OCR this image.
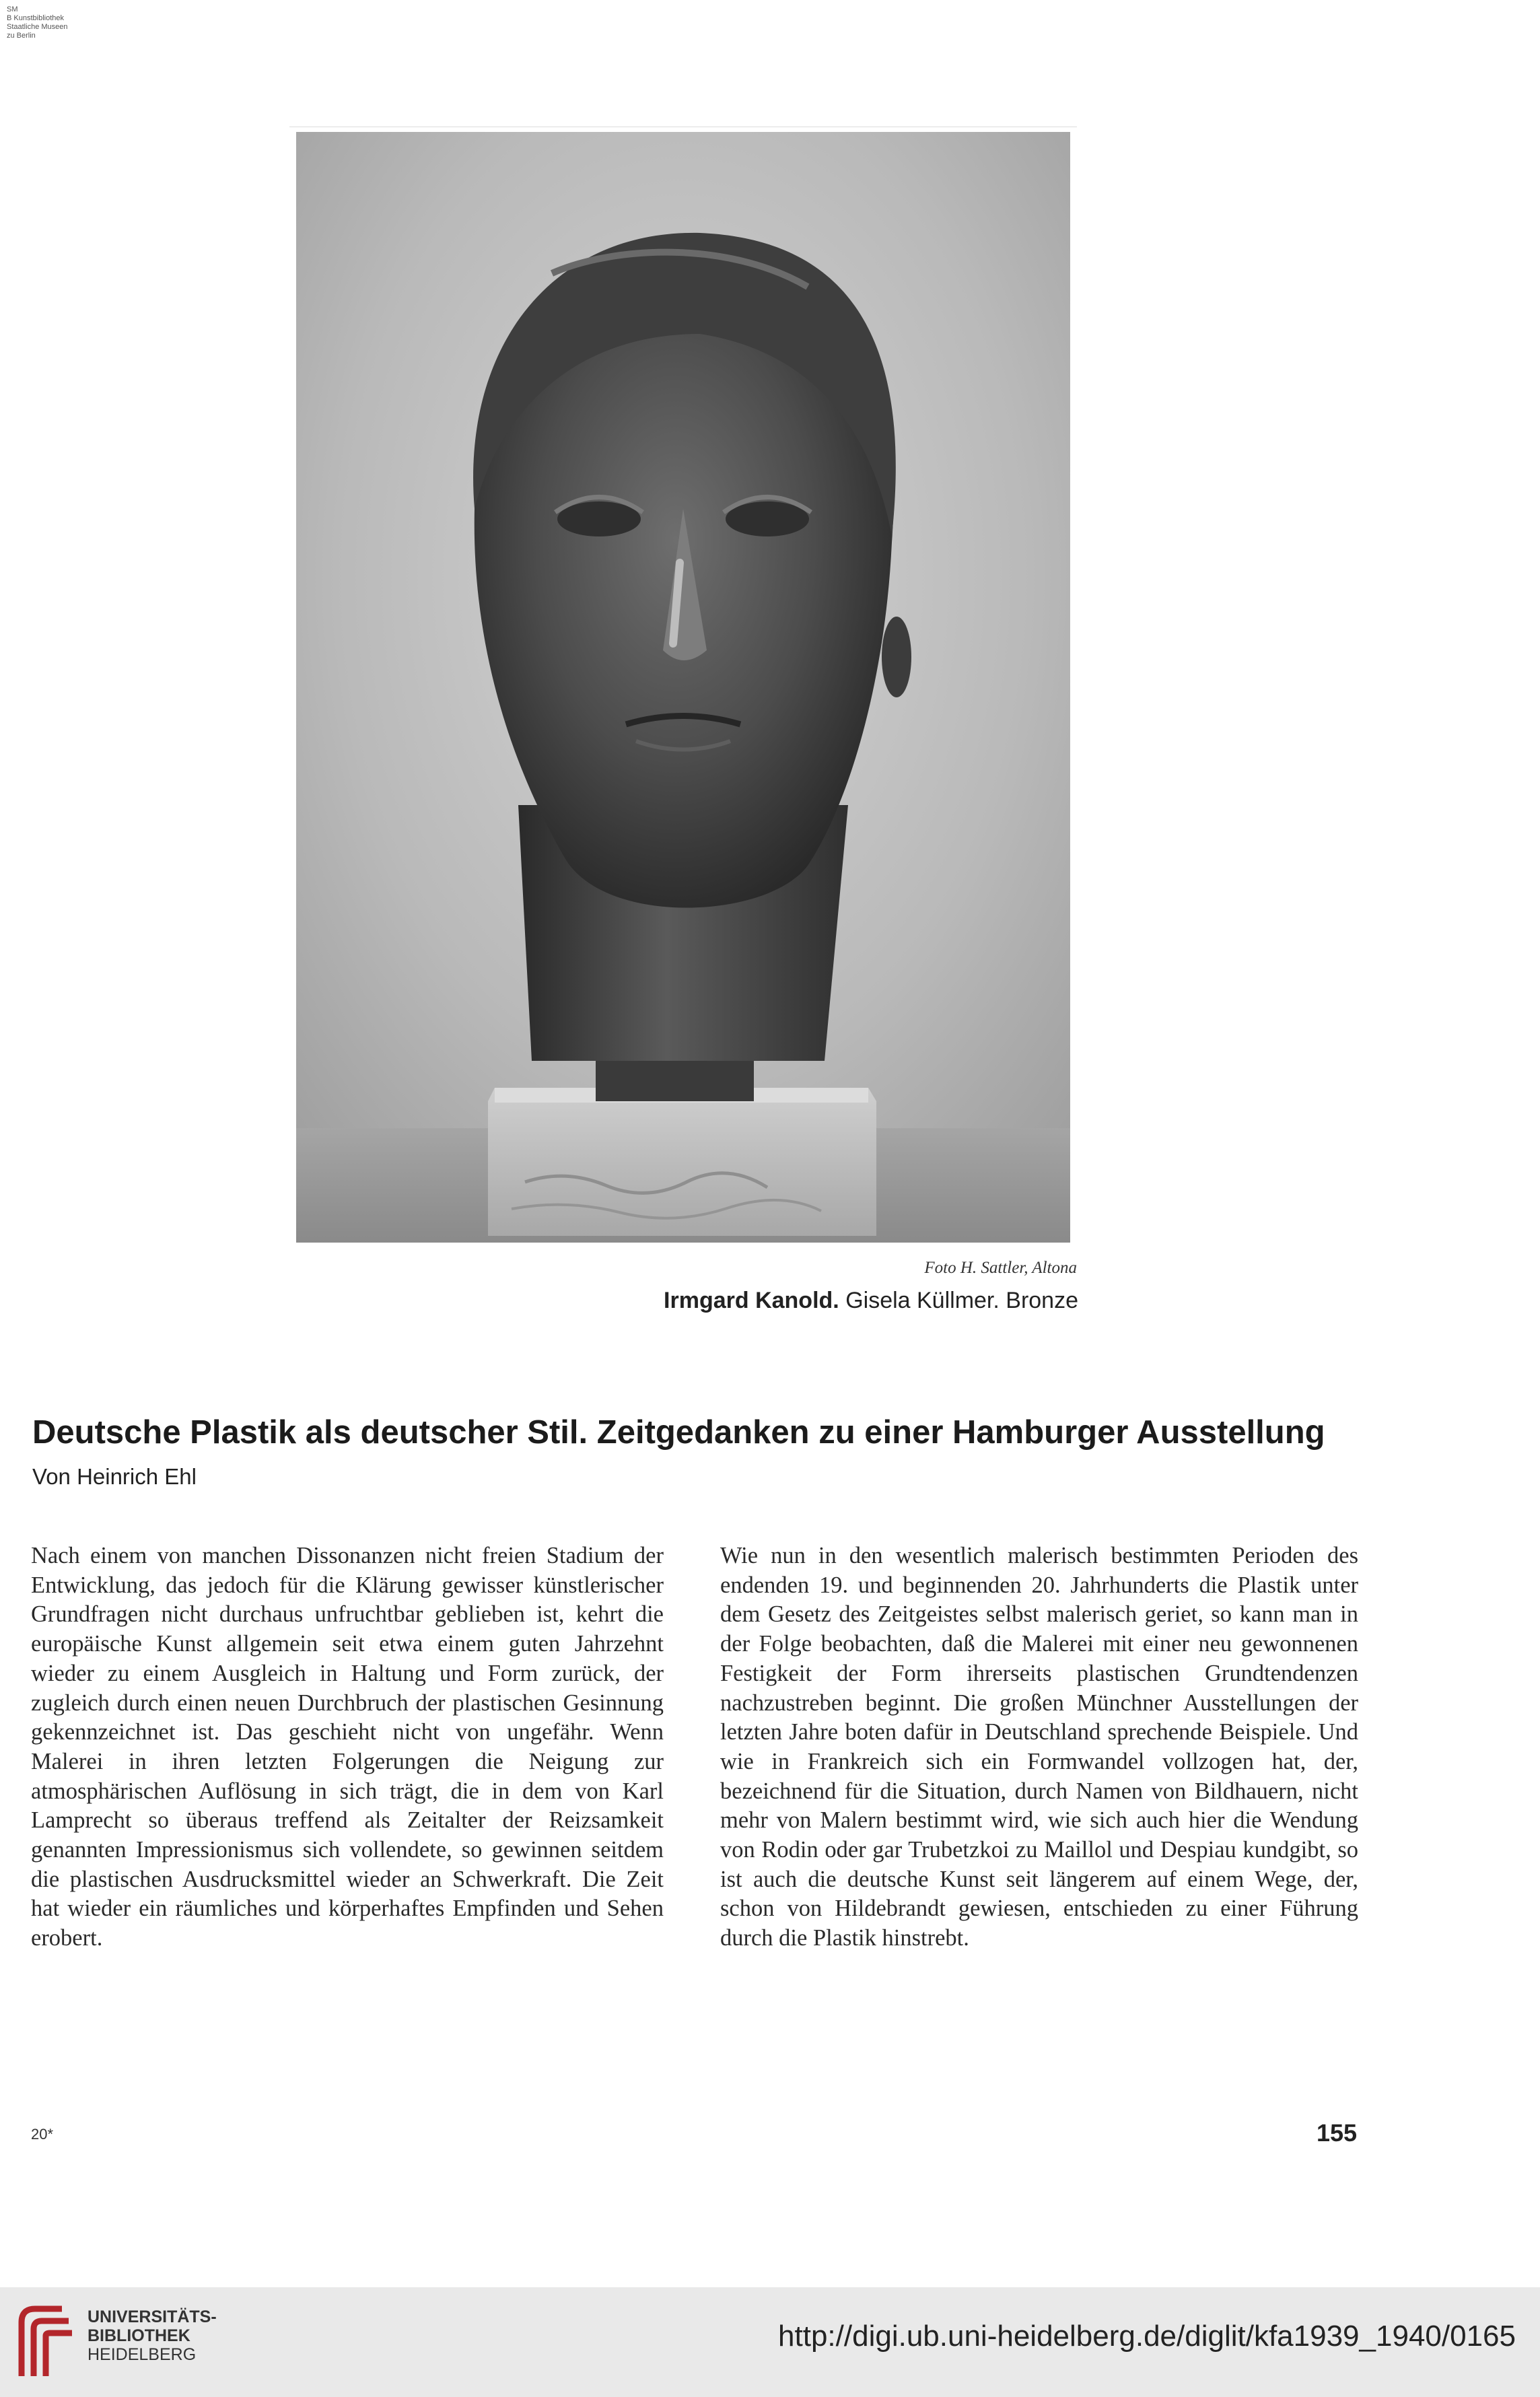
SM
B Kunstbibliothek
Staatliche Museen
zu Berlin
Foto H. Sattler, Altona
Irmgard Kanold. Gisela Küllmer. Bronze
Deutsche Plastik als deutscher Stil. Zeitgedanken zu einer Hamburger Ausstellung
Von Heinrich Ehl
Nach einem von manchen Dissonanzen nicht freien Stadium der Entwicklung, das jedoch für die Klärung gewisser künstlerischer Grundfragen nicht durchaus unfruchtbar geblieben ist, kehrt die europäische Kunst allgemein seit etwa einem guten Jahrzehnt wieder zu einem Ausgleich in Haltung und Form zurück, der zugleich durch einen neuen Durchbruch der plastischen Gesinnung gekennzeichnet ist. Das geschieht nicht von ungefähr. Wenn Malerei in ihren letzten Folgerungen die Neigung zur atmosphärischen Auflösung in sich trägt, die in dem von Karl Lamprecht so überaus treffend als Zeitalter der Reizsamkeit genannten Impressionismus sich vollendete, so gewinnen seitdem die plastischen Ausdrucksmittel wieder an Schwerkraft. Die Zeit hat wieder ein räumliches und körperhaftes Empfinden und Sehen erobert.
Wie nun in den wesentlich malerisch bestimmten Perioden des endenden 19. und beginnenden 20. Jahrhunderts die Plastik unter dem Gesetz des Zeitgeistes selbst malerisch geriet, so kann man in der Folge beobachten, daß die Malerei mit einer neu gewonnenen Festigkeit der Form ihrerseits plastischen Grundtendenzen nachzustreben beginnt. Die großen Münchner Ausstellungen der letzten Jahre boten dafür in Deutschland sprechende Beispiele. Und wie in Frankreich sich ein Formwandel vollzogen hat, der, bezeichnend für die Situation, durch Namen von Bildhauern, nicht mehr von Malern bestimmt wird, wie sich auch hier die Wendung von Rodin oder gar Trubetzkoi zu Maillol und Despiau kundgibt, so ist auch die deutsche Kunst seit längerem auf einem Wege, der, schon von Hildebrandt gewiesen, entschieden zu einer Führung durch die Plastik hinstrebt.
20*	155
UNIVERSITÄTS-
BIBLIOTHEK
HEIDELBERG
http://digi.ub.uni-heidelberg.de/diglit/kfa1939_1940/0165
